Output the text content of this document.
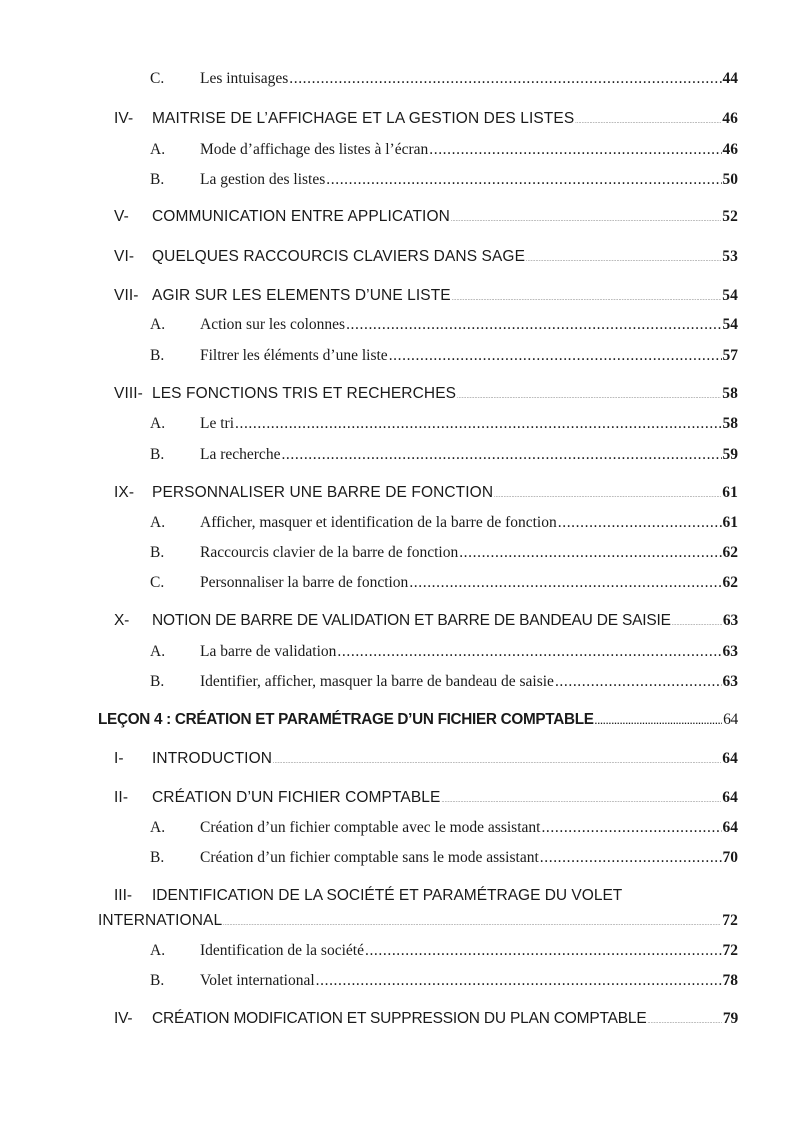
C.	Les intuisages .....	44
IV-	MAITRISE DE L’AFFICHAGE ET LA GESTION DES LISTES .....	46
A.	Mode d’affichage des listes à l’écran .....	46
B.	La gestion des listes .....	50
V-	COMMUNICATION ENTRE APPLICATION .....	52
VI-	QUELQUES RACCOURCIS CLAVIERS DANS SAGE .....	53
VII- AGIR SUR LES ELEMENTS D’UNE LISTE .....	54
A.	Action sur les colonnes .....	54
B.	Filtrer les éléments d’une liste .....	57
VIII- LES FONCTIONS TRIS ET RECHERCHES .....	58
A.	Le tri .....	58
B.	La recherche .....	59
IX-	PERSONNALISER UNE BARRE DE FONCTION .....	61
A.	Afficher, masquer et identification de la barre de fonction .....	61
B.	Raccourcis clavier de la barre de fonction .....	62
C.	Personnaliser la barre de fonction .....	62
X-	NOTION DE BARRE DE VALIDATION ET BARRE DE BANDEAU DE SAISIE .....	63
A.	La barre de validation .....	63
B.	Identifier, afficher, masquer la barre de bandeau de saisie .....	63
LEÇON 4 : CRÉATION ET PARAMÉTRAGE D’UN FICHIER COMPTABLE .....	64
I-	INTRODUCTION .....	64
II-	CRÉATION D’UN FICHIER COMPTABLE .....	64
A.	Création d’un fichier comptable avec le mode assistant .....	64
B.	Création d’un fichier comptable sans le mode assistant .....	70
III- IDENTIFICATION DE LA SOCIÉTÉ ET PARAMÉTRAGE DU VOLET
INTERNATIONAL .....	72
A.	Identification de la société .....	72
B.	Volet international .....	78
IV-	CRÉATION MODIFICATION ET SUPPRESSION DU PLAN COMPTABLE .....	79
